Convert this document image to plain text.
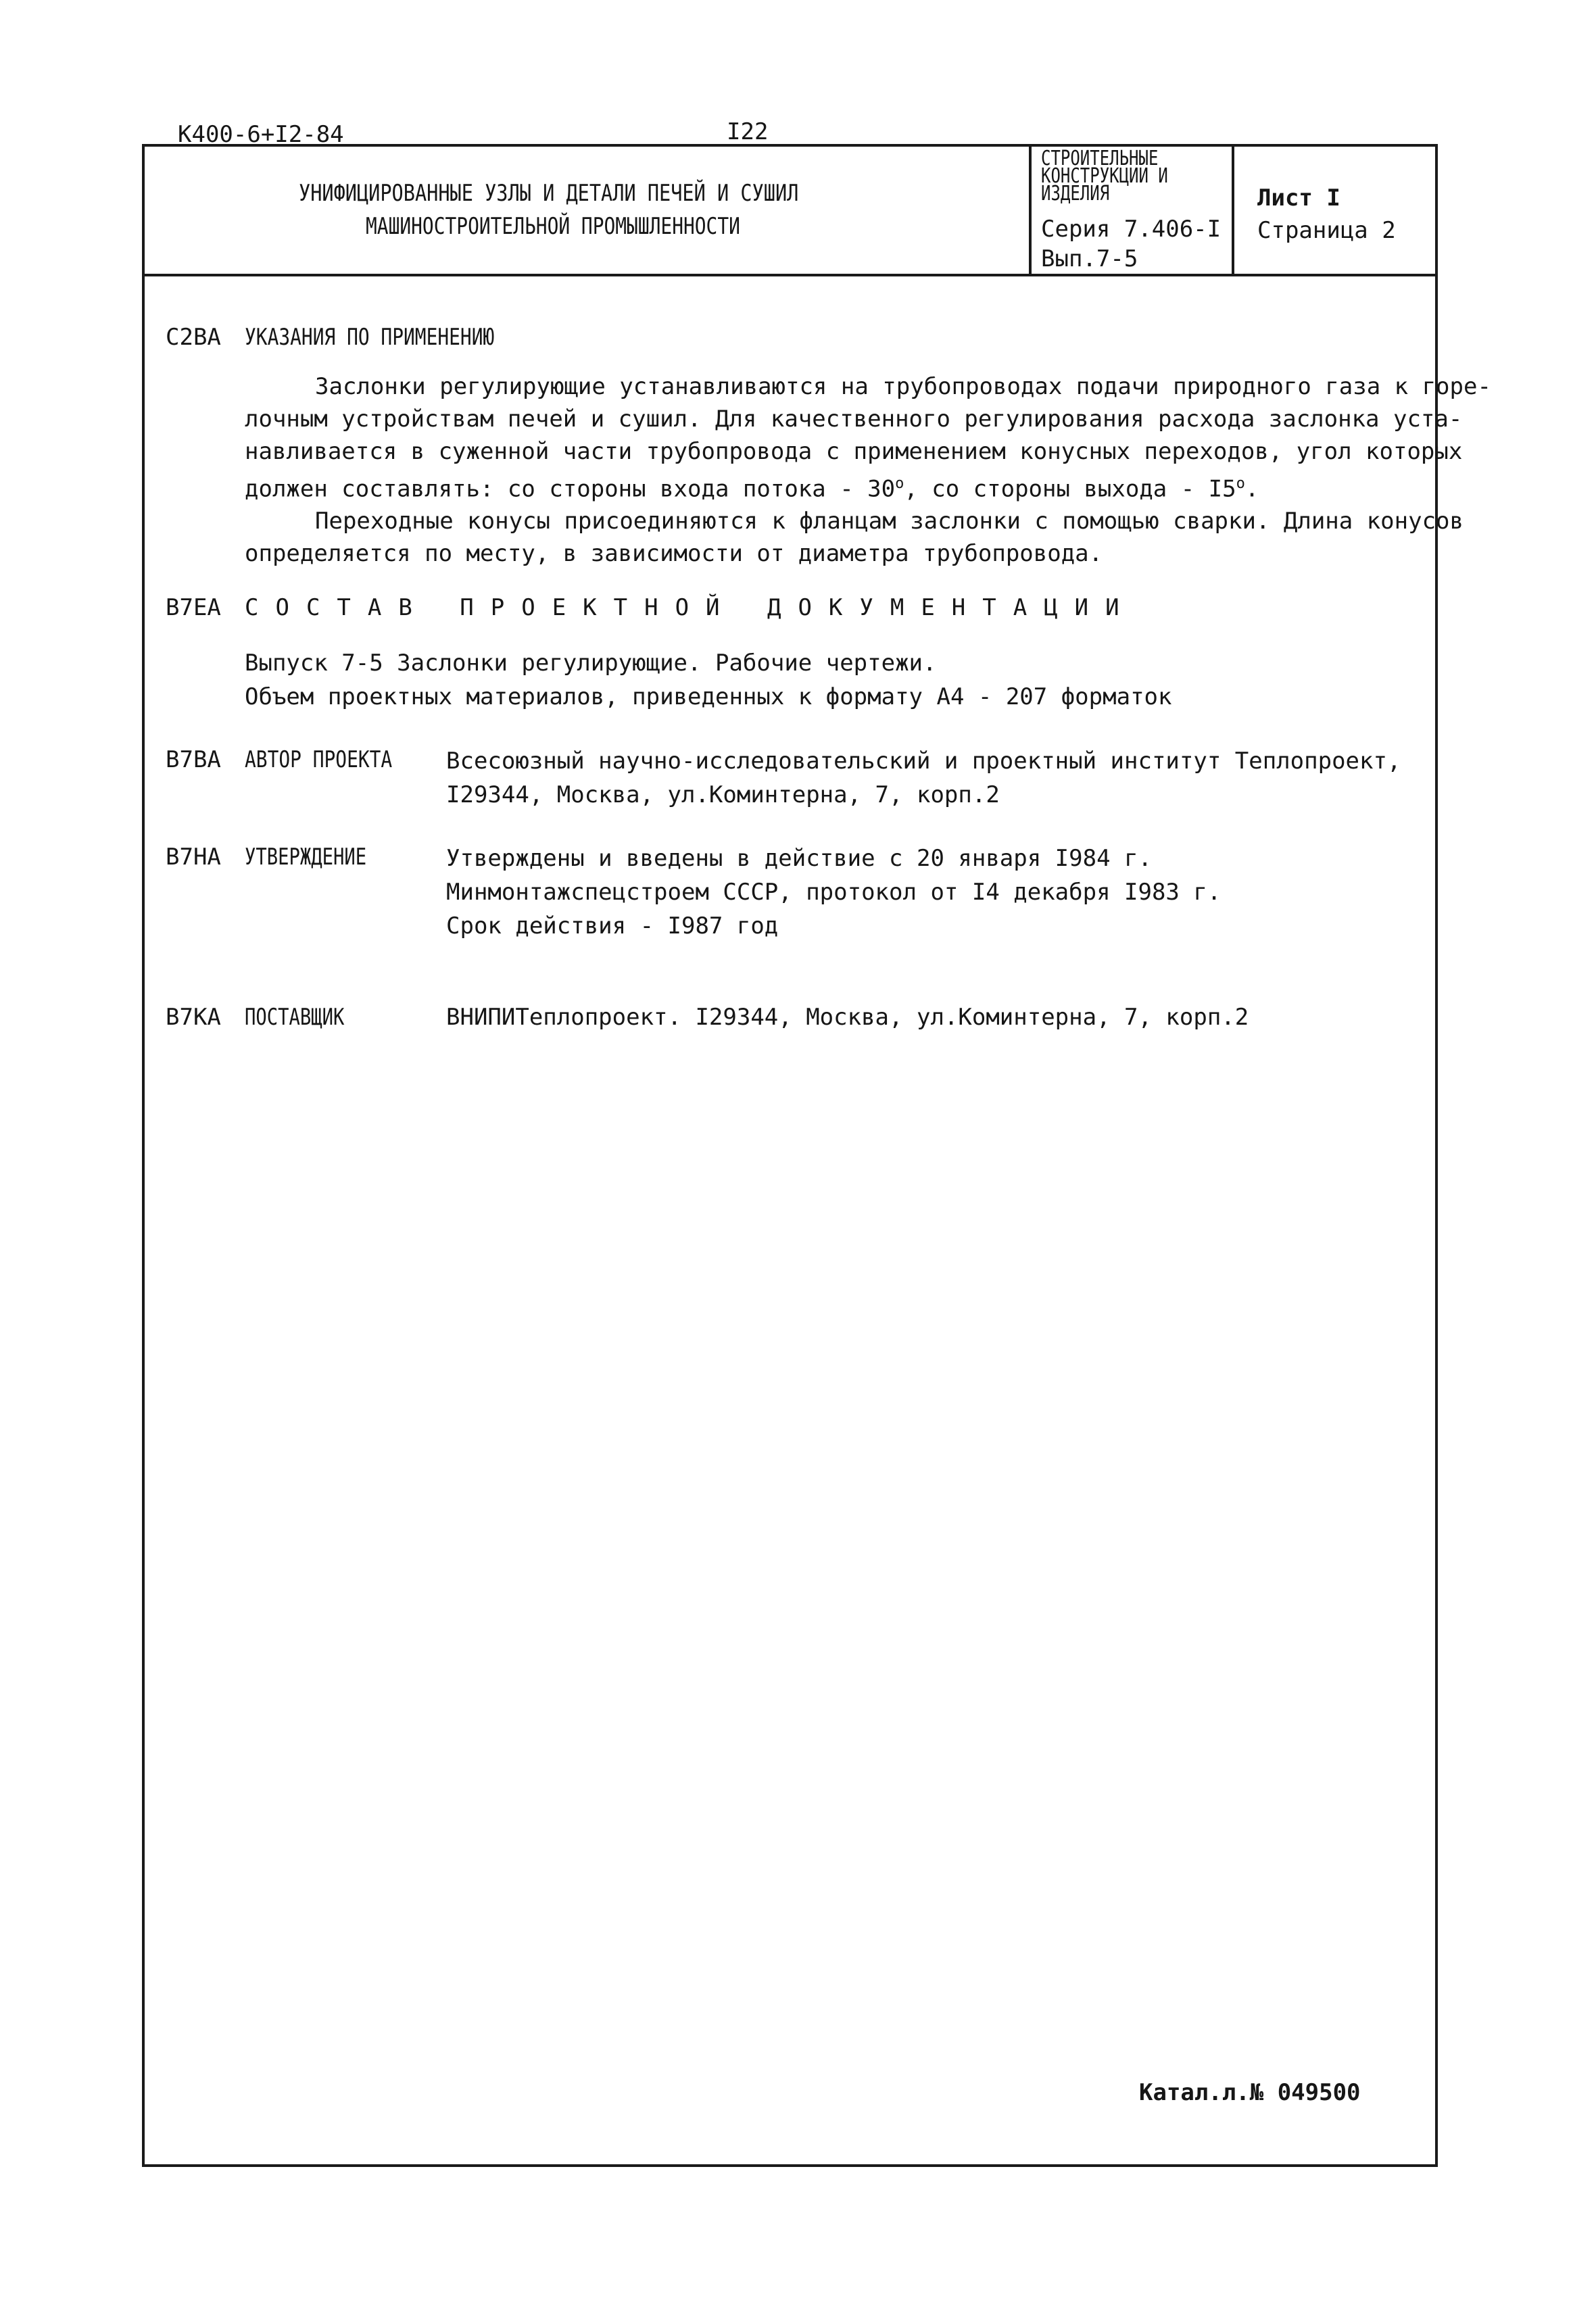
К400-6+I2-84	I22
УНИФИЦИРОВАННЫЕ УЗЛЫ И ДЕТАЛИ ПЕЧЕЙ И СУШИЛ
МАШИНОСТРОИТЕЛЬНОЙ ПРОМЫШЛЕННОСТИ
СТРОИТЕЛЬНЫЕ
КОНСТРУКЦИИ И
ИЗДЕЛИЯ
Серия 7.406-I
Вып.7-5
Лист I
Страница 2
C2BA УКАЗАНИЯ ПО ПРИМЕНЕНИЮ
Заслонки регулирующие устанавливаются на трубопроводах подачи природного газа к горе-
лочным устройствам печей и сушил. Для качественного регулирования расхода заслонка уста-
навливается в суженной части трубопровода с применением конусных переходов, угол которых
должен составлять: со стороны входа потока - 30$^o$, со стороны выхода - I5$^o$.
Переходные конусы присоединяются к фланцам заслонки с помощью сварки. Длина конусов
определяется по месту, в зависимости от диаметра трубопровода.
B7EA СОСТАВ ПРОЕКТНОЙ ДОКУМЕНТАЦИИ
Выпуск 7-5 Заслонки регулирующие. Рабочие чертежи.
Объем проектных материалов, приведенных к формату А4 - 207 форматок
B7BA АВТОР ПРОЕКТА	Всесоюзный научно-исследовательский и проектный институт Теплопроект,
I29344, Москва, ул.Коминтерна, 7, корп.2
B7HA УТВЕРЖДЕНИЕ	Утверждены и введены в действие с 20 января I984 г.
Минмонтажспецстроем СССР, протокол от I4 декабря I983 г.
Срок действия - I987 год
B7KA ПОСТАВЩИК	ВНИПИТеплопроект. I29344, Москва, ул.Коминтерна, 7, корп.2
Катал.л.№ 049500
